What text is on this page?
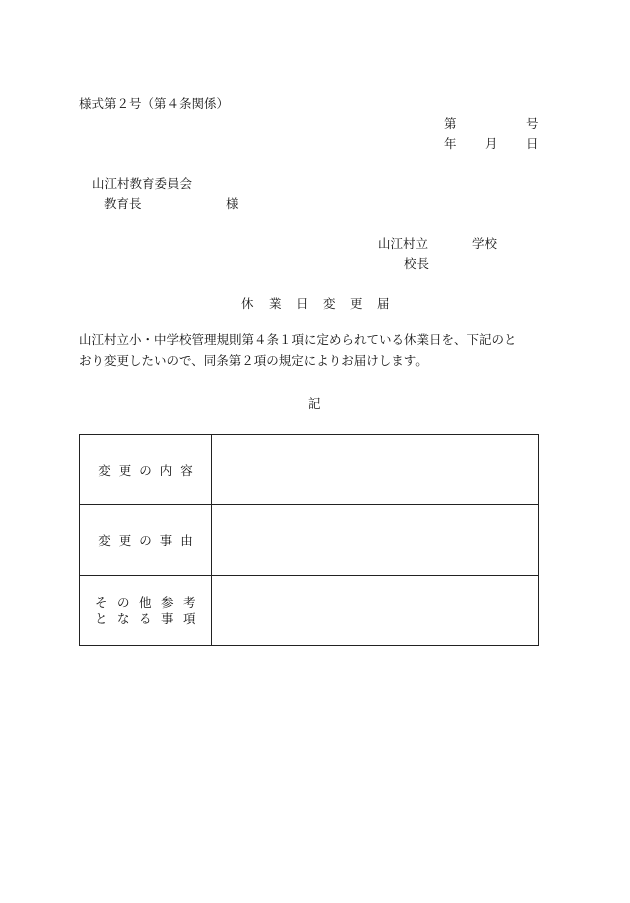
様式第２号（第４条関係）
第	号
年 月 日
山江村教育委員会
教育長	様
山江村立	学校
校長
休 業 日 変 更 届
山江村立小・中学校管理規則第４条１項に定められている休業日を、下記のと
おり変更したいので、同条第２項の規定によりお届けします。
記
変更の内容	

変更の事由	

その他参考
となる事項	
